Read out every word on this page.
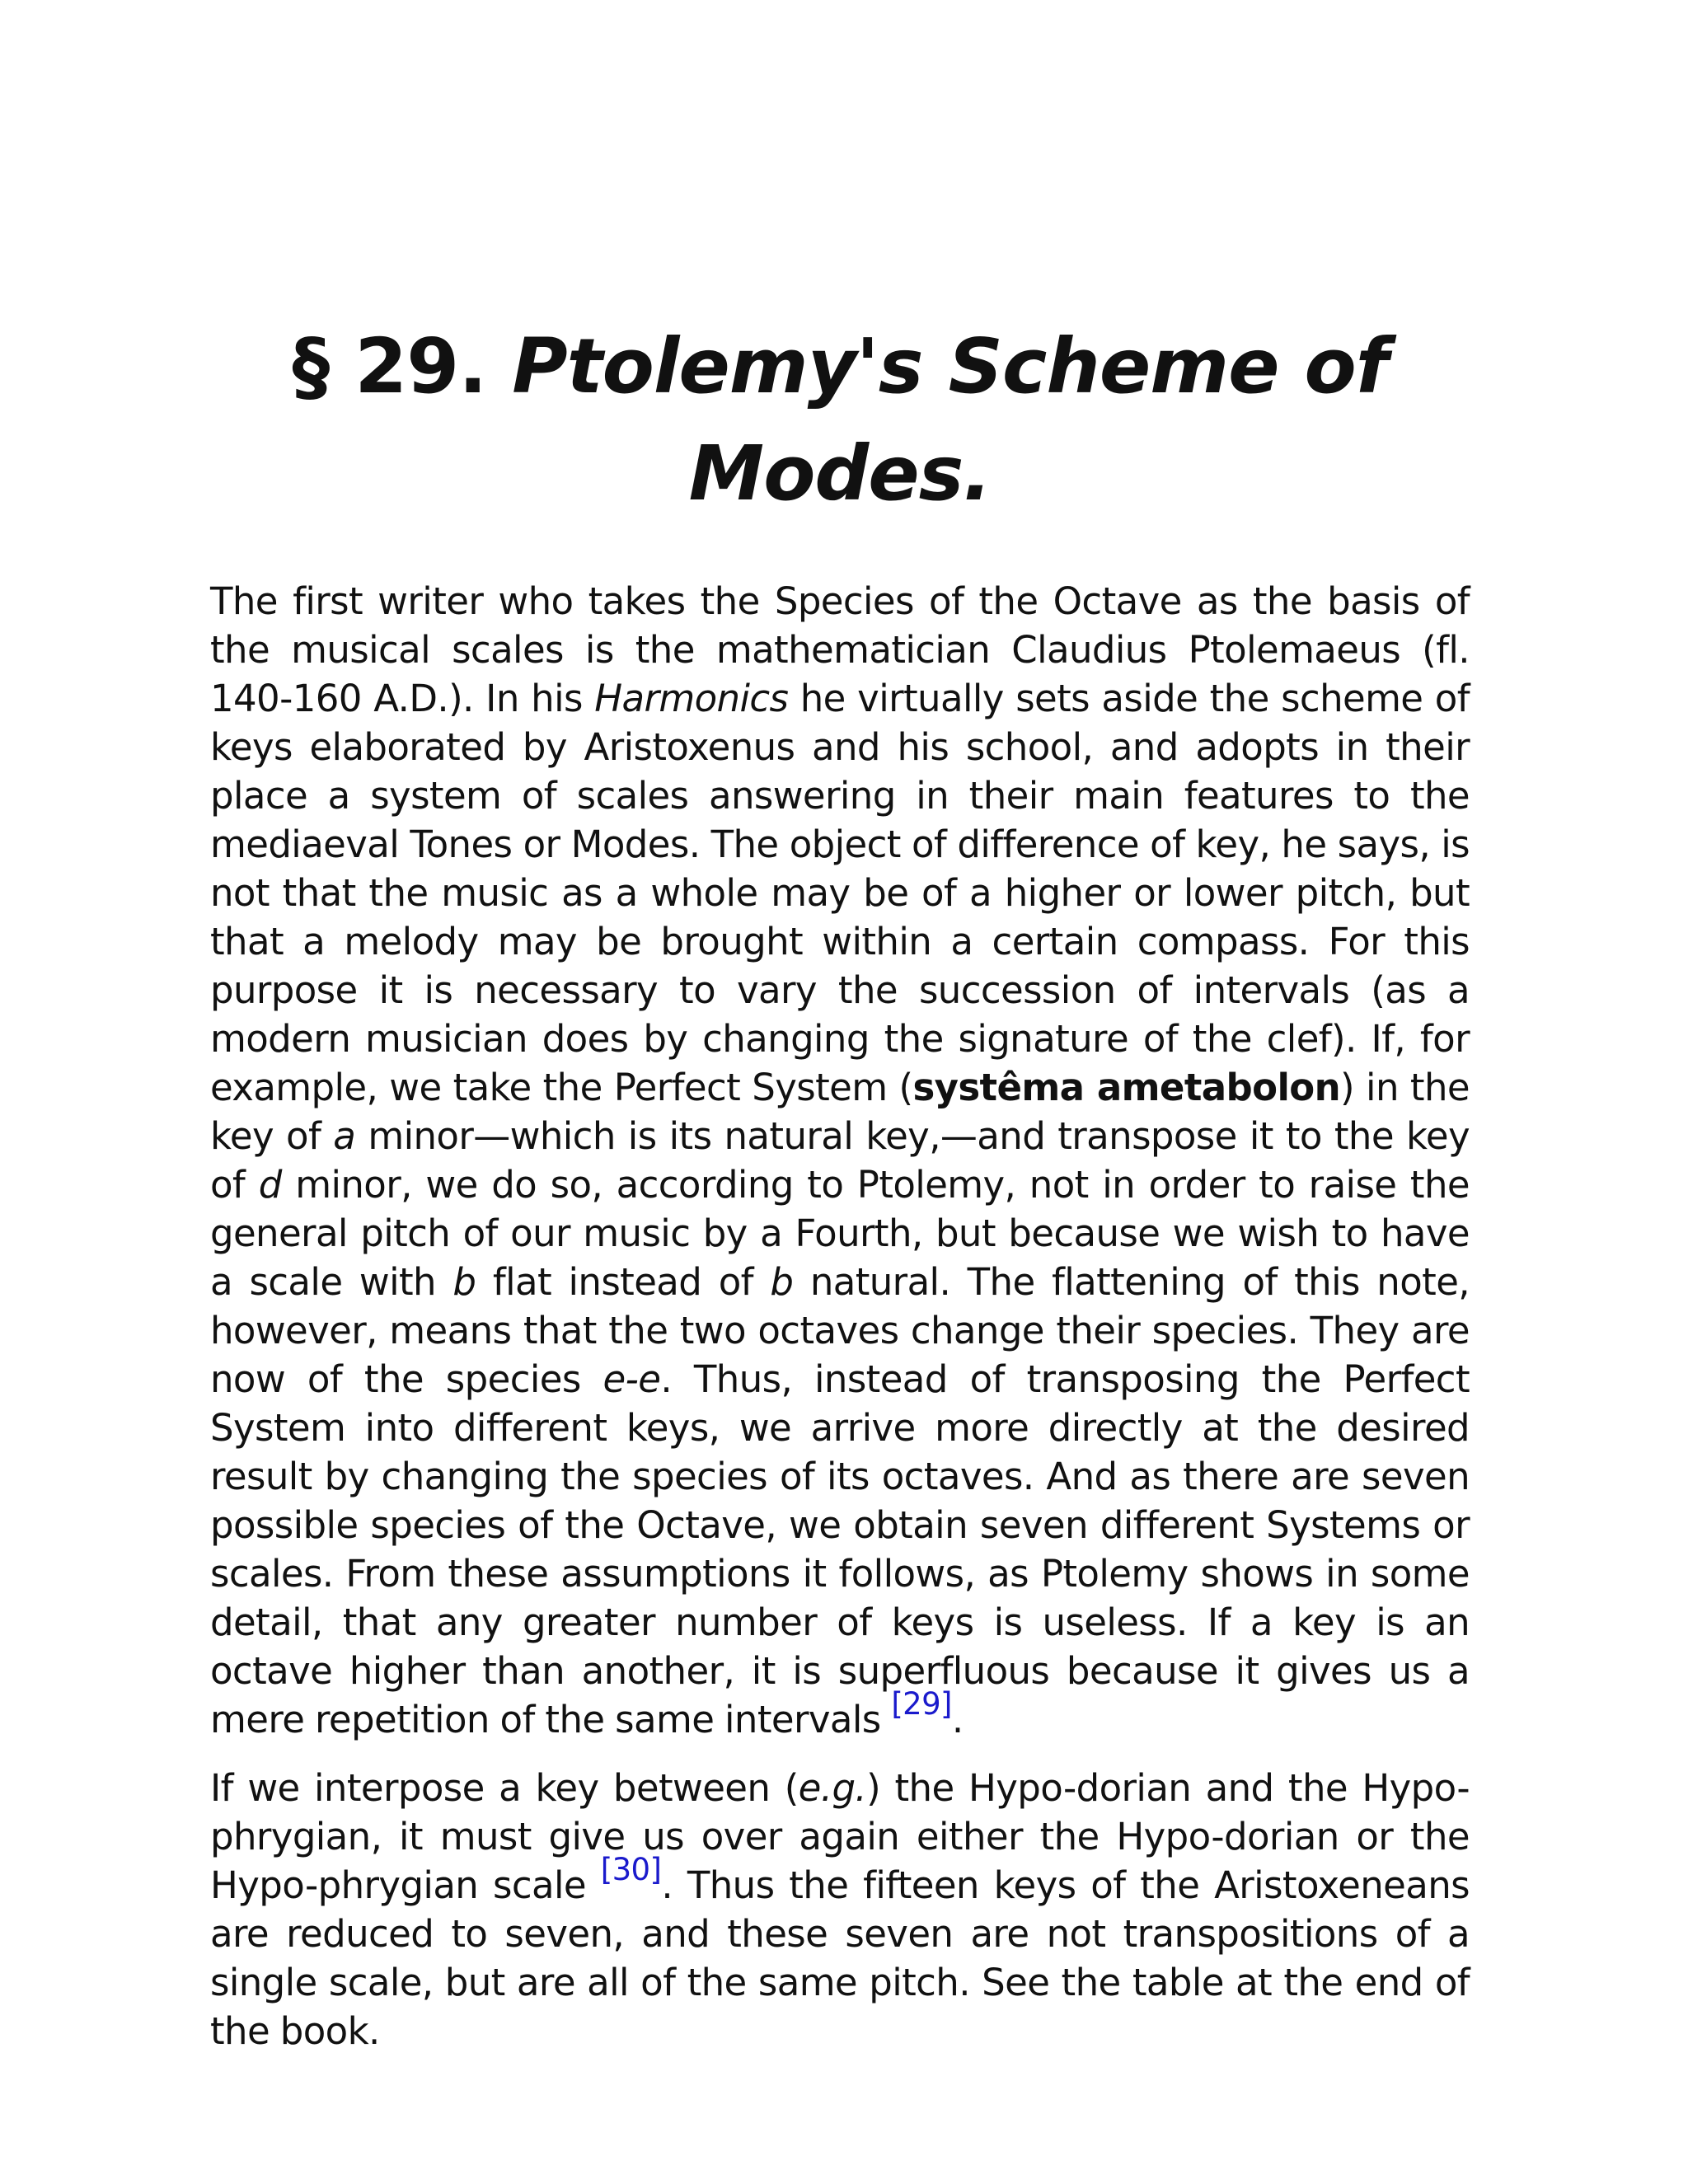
§ 29. Ptolemy's Scheme of Modes.

The first writer who takes the Species of the Octave as the basis of the musical scales is the mathematician Claudius Ptolemaeus (fl. 140-160 A.D.). In his Harmonics he virtually sets aside the scheme of keys elaborated by Aristoxenus and his school, and adopts in their place a system of scales answering in their main features to the mediaeval Tones or Modes. The object of difference of key, he says, is not that the music as a whole may be of a higher or lower pitch, but that a melody may be brought within a certain compass. For this purpose it is necessary to vary the succession of intervals (as a modern musician does by changing the signature of the clef). If, for example, we take the Perfect System (systêma ametabolon) in the key of a minor—which is its natural key,—and transpose it to the key of d minor, we do so, according to Ptolemy, not in order to raise the general pitch of our music by a Fourth, but because we wish to have a scale with b flat instead of b natural. The flattening of this note, however, means that the two octaves change their species. They are now of the species e-e. Thus, instead of transposing the Perfect System into different keys, we arrive more directly at the desired result by changing the species of its octaves. And as there are seven possible species of the Octave, we obtain seven different Systems or scales. From these assumptions it follows, as Ptolemy shows in some detail, that any greater number of keys is useless. If a key is an octave higher than another, it is superfluous because it gives us a mere repetition of the same intervals [29].

If we interpose a key between (e.g.) the Hypo-dorian and the Hypo-phrygian, it must give us over again either the Hypo-dorian or the Hypo-phrygian scale [30]. Thus the fifteen keys of the Aristoxeneans are reduced to seven, and these seven are not transpositions of a single scale, but are all of the same pitch. See the table at the end of the book.
